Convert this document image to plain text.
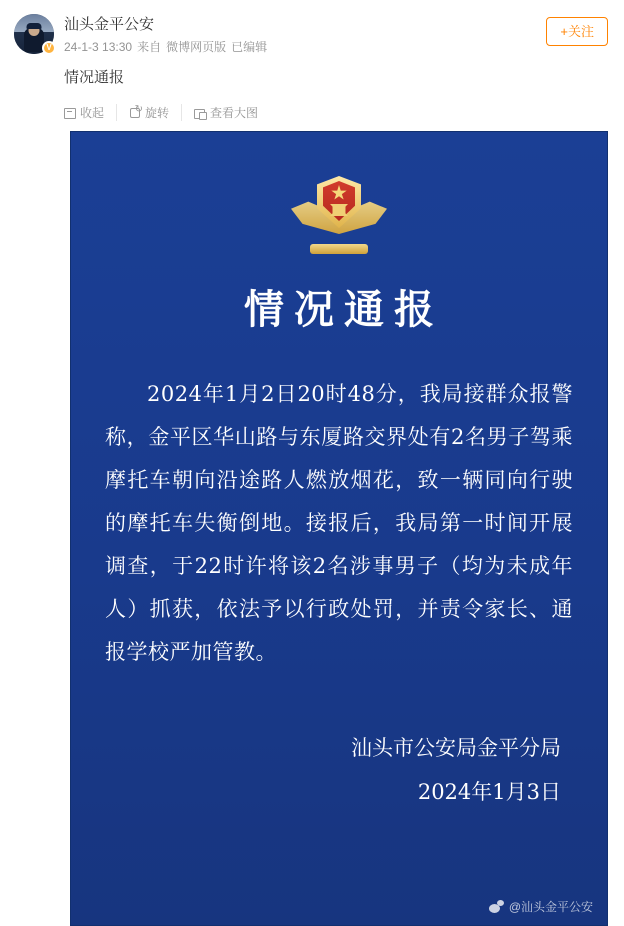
V
汕头金平公安
24-1-3 13:30 来自 微博网页版 已编辑
+关注
情况通报
收起 ↻	旋转	查看大图
情况通报
2024年1月2日20时48分，我局接群众报警称，金平区华山路与东厦路交界处有2名男子驾乘摩托车朝向沿途路人燃放烟花，致一辆同向行驶的摩托车失衡倒地。接报后，我局第一时间开展调查，于22时许将该2名涉事男子（均为未成年人）抓获，依法予以行政处罚，并责令家长、通报学校严加管教。
汕头市公安局金平分局
2024年1月3日
@汕头金平公安
